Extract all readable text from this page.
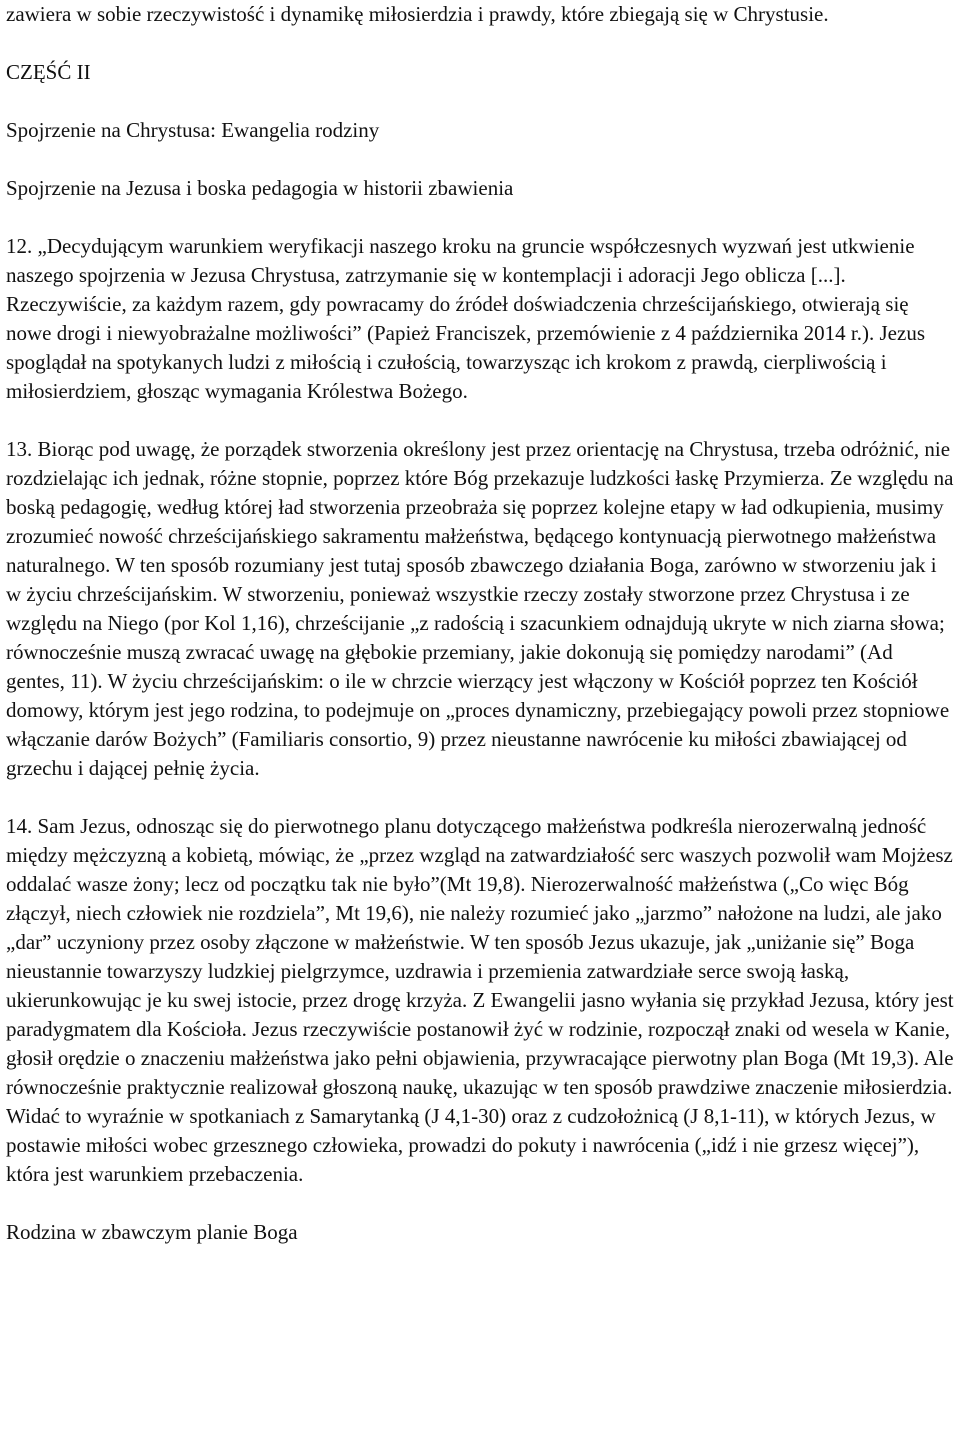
zawiera w sobie rzeczywistość i dynamikę miłosierdzia i prawdy, które zbiegają się w Chrystusie.

CZĘŚĆ II

Spojrzenie na Chrystusa: Ewangelia rodziny

Spojrzenie na Jezusa i boska pedagogia w historii zbawienia

12. „Decydującym warunkiem weryfikacji naszego kroku na gruncie współczesnych wyzwań jest utkwienie naszego spojrzenia w Jezusa Chrystusa, zatrzymanie się w kontemplacji i adoracji Jego oblicza [...]. Rzeczywiście, za każdym razem, gdy powracamy do źródeł doświadczenia chrześcijańskiego, otwierają się nowe drogi i niewyobrażalne możliwości” (Papież Franciszek, przemówienie z 4 października 2014 r.). Jezus spoglądał na spotykanych ludzi z miłością i czułością, towarzysząc ich krokom z prawdą, cierpliwością i miłosierdziem, głosząc wymagania Królestwa Bożego.

13. Biorąc pod uwagę, że porządek stworzenia określony jest przez orientację na Chrystusa, trzeba odróżnić, nie rozdzielając ich jednak, różne stopnie, poprzez które Bóg przekazuje ludzkości łaskę Przymierza. Ze względu na boską pedagogię, według której ład stworzenia przeobraża się poprzez kolejne etapy w ład odkupienia, musimy zrozumieć nowość chrześcijańskiego sakramentu małżeństwa, będącego kontynuacją pierwotnego małżeństwa naturalnego. W ten sposób rozumiany jest tutaj sposób zbawczego działania Boga, zarówno w stworzeniu jak i w życiu chrześcijańskim. W stworzeniu, ponieważ wszystkie rzeczy zostały stworzone przez Chrystusa i ze względu na Niego (por Kol 1,16), chrześcijanie „z radością i szacunkiem odnajdują ukryte w nich ziarna słowa; równocześnie muszą zwracać uwagę na głębokie przemiany, jakie dokonują się pomiędzy narodami” (Ad gentes, 11). W życiu chrześcijańskim: o ile w chrzcie wierzący jest włączony w Kościół poprzez ten Kościół domowy, którym jest jego rodzina, to podejmuje on „proces dynamiczny, przebiegający powoli przez stopniowe włączanie darów Bożych” (Familiaris consortio, 9) przez nieustanne nawrócenie ku miłości zbawiającej od grzechu i dającej pełnię życia.

14. Sam Jezus, odnosząc się do pierwotnego planu dotyczącego małżeństwa podkreśla nierozerwalną jedność między mężczyzną a kobietą, mówiąc, że „przez wzgląd na zatwardziałość serc waszych pozwolił wam Mojżesz oddalać wasze żony; lecz od początku tak nie było”(Mt 19,8). Nierozerwalność małżeństwa („Co więc Bóg złączył, niech człowiek nie rozdziela”, Mt 19,6), nie należy rozumieć jako „jarzmo” nałożone na ludzi, ale jako „dar” uczyniony przez osoby złączone w małżeństwie. W ten sposób Jezus ukazuje, jak „uniżanie się” Boga nieustannie towarzyszy ludzkiej pielgrzymce, uzdrawia i przemienia zatwardziałe serce swoją łaską, ukierunkowując je ku swej istocie, przez drogę krzyża. Z Ewangelii jasno wyłania się przykład Jezusa, który jest paradygmatem dla Kościoła. Jezus rzeczywiście postanowił żyć w rodzinie, rozpoczął znaki od wesela w Kanie, głosił orędzie o znaczeniu małżeństwa jako pełni objawienia, przywracające pierwotny plan Boga (Mt 19,3). Ale równocześnie praktycznie realizował głoszoną naukę, ukazując w ten sposób prawdziwe znaczenie miłosierdzia. Widać to wyraźnie w spotkaniach z Samarytanką (J 4,1-30) oraz z cudzołożnicą (J 8,1-11), w których Jezus, w postawie miłości wobec grzesznego człowieka, prowadzi do pokuty i nawrócenia („idź i nie grzesz więcej”), która jest warunkiem przebaczenia.

Rodzina w zbawczym planie Boga
